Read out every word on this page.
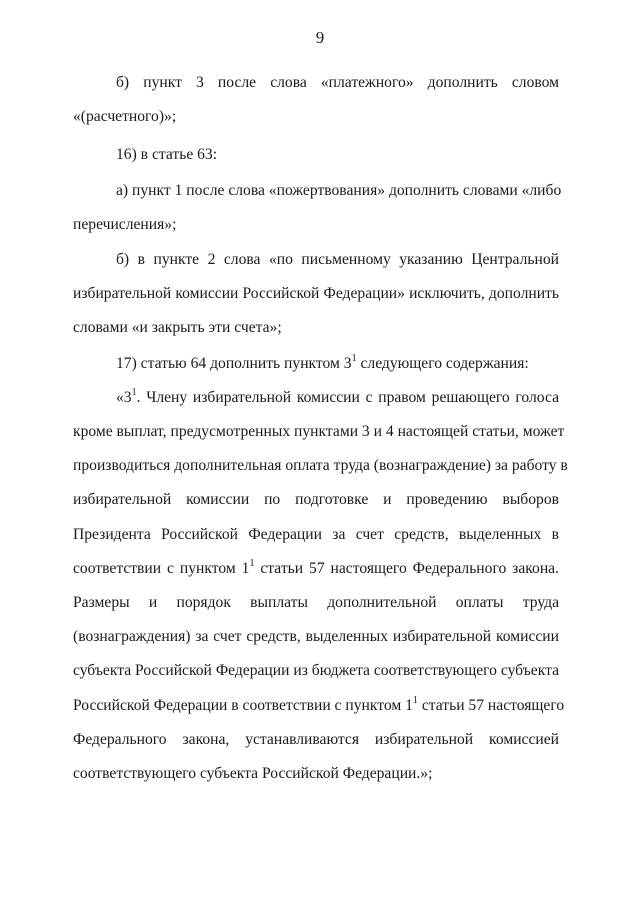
9
б) пункт 3 после слова «платежного» дополнить словом
«(расчетного)»;
16) в статье 63:
а) пункт 1 после слова «пожертвования» дополнить словами «либо
перечисления»;
б) в пункте 2 слова «по письменному указанию Центральной
избирательной комиссии Российской Федерации» исключить, дополнить
словами «и закрыть эти счета»;
17) статью 64 дополнить пунктом $3^1$ следующего содержания:
«$3^1$. Члену избирательной комиссии с правом решающего голоса
кроме выплат, предусмотренных пунктами 3 и 4 настоящей статьи, может
производиться дополнительная оплата труда (вознаграждение) за работу в
избирательной комиссии по подготовке и проведению выборов
Президента Российской Федерации за счет средств, выделенных в
соответствии с пунктом $1^1$ статьи 57 настоящего Федерального закона.
Размеры и порядок выплаты дополнительной оплаты труда
(вознаграждения) за счет средств, выделенных избирательной комиссии
субъекта Российской Федерации из бюджета соответствующего субъекта
Российской Федерации в соответствии с пунктом $1^1$ статьи 57 настоящего
Федерального закона, устанавливаются избирательной комиссией
соответствующего субъекта Российской Федерации.»;
